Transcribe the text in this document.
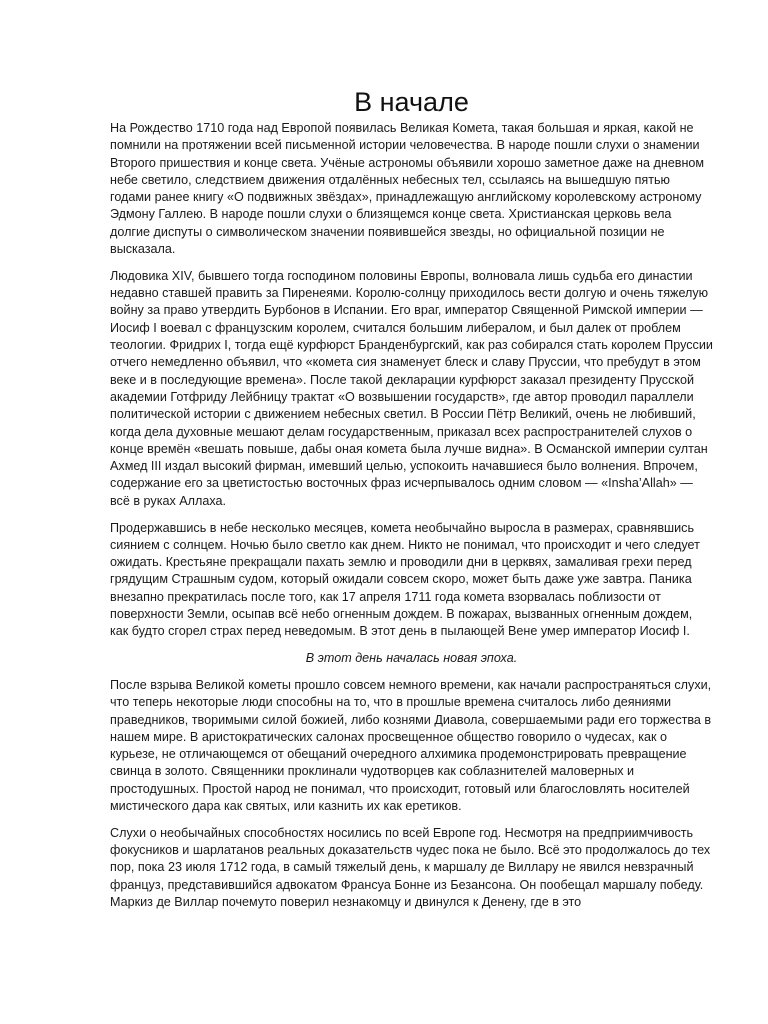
В начале

На Рождество 1710 года над Европой появилась Великая Комета, такая большая и яркая, какой не помнили на протяжении всей письменной истории человечества. В народе пошли слухи о знамении Второго пришествия и конце света. Учёные астрономы объявили хорошо заметное даже на дневном небе светило, следствием движения отдалённых небесных тел, ссылаясь на вышедшую пятью годами ранее книгу «О подвижных звёздах», принадлежащую английскому королевскому астроному Эдмону Галлею. В народе пошли слухи о близящемся конце света. Христианская церковь вела долгие диспуты о символическом значении появившейся звезды, но официальной позиции не высказала.

Людовика XIV, бывшего тогда господином половины Европы, волновала лишь судьба его династии недавно ставшей править за Пиренеями. Королю-солнцу приходилось вести долгую и очень тяжелую войну за право утвердить Бурбонов в Испании. Его враг, император Священной Римской империи — Иосиф I воевал с французским королем, считался большим либералом, и был далек от проблем теологии. Фридрих I, тогда ещё курфюрст Бранденбургский, как раз собирался стать королем Пруссии отчего немедленно объявил, что «комета сия знаменует блеск и славу Пруссии, что пребудут в этом веке и в последующие времена». После такой декларации курфюрст заказал президенту Прусской академии Готфриду Лейбницу трактат «О возвышении государств», где автор проводил параллели политической истории с движением небесных светил. В России Пётр Великий, очень не любивший, когда дела духовные мешают делам государственным, приказал всех распространителей слухов о конце времён «вешать повыше, дабы оная комета была лучше видна». В Османской империи султан Ахмед III издал высокий фирман, имевший целью, успокоить начавшиеся было волнения. Впрочем, содержание его за цветистостью восточных фраз исчерпывалось одним словом — «Insha’Allah» — всё в руках Аллаха.

Продержавшись в небе несколько месяцев, комета необычайно выросла в размерах, сравнявшись сиянием с солнцем. Ночью было светло как днем. Никто не понимал, что происходит и чего следует ожидать. Крестьяне прекращали пахать землю и проводили дни в церквях, замаливая грехи перед грядущим Страшным судом, который ожидали совсем скоро, может быть даже уже завтра. Паника внезапно прекратилась после того, как 17 апреля 1711 года комета взорвалась поблизости от поверхности Земли, осыпав всё небо огненным дождем. В пожарах, вызванных огненным дождем, как будто сгорел страх перед неведомым. В этот день в пылающей Вене умер император Иосиф I.

В этот день началась новая эпоха.

После взрыва Великой кометы прошло совсем немного времени, как начали распространяться слухи, что теперь некоторые люди способны на то, что в прошлые времена считалось либо деяниями праведников, творимыми силой божией, либо кознями Диавола, совершаемыми ради его торжества в нашем мире. В аристократических салонах просвещенное общество говорило о чудесах, как о курьезе, не отличающемся от обещаний очередного алхимика продемонстрировать превращение свинца в золото. Священники проклинали чудотворцев как соблазнителей маловерных и простодушных. Простой народ не понимал, что происходит, готовый или благословлять носителей мистического дара как святых, или казнить их как еретиков.

Слухи о необычайных способностях носились по всей Европе год. Несмотря на предприимчивость фокусников и шарлатанов реальных доказательств чудес пока не было. Всё это продолжалось до тех пор, пока 23 июля 1712 года, в самый тяжелый день, к маршалу де Виллару не явился невзрачный француз, представившийся адвокатом Франсуа Бонне из Безансона. Он пообещал маршалу победу. Маркиз де Виллар почемуто поверил незнакомцу и двинулся к Денену, где в это
